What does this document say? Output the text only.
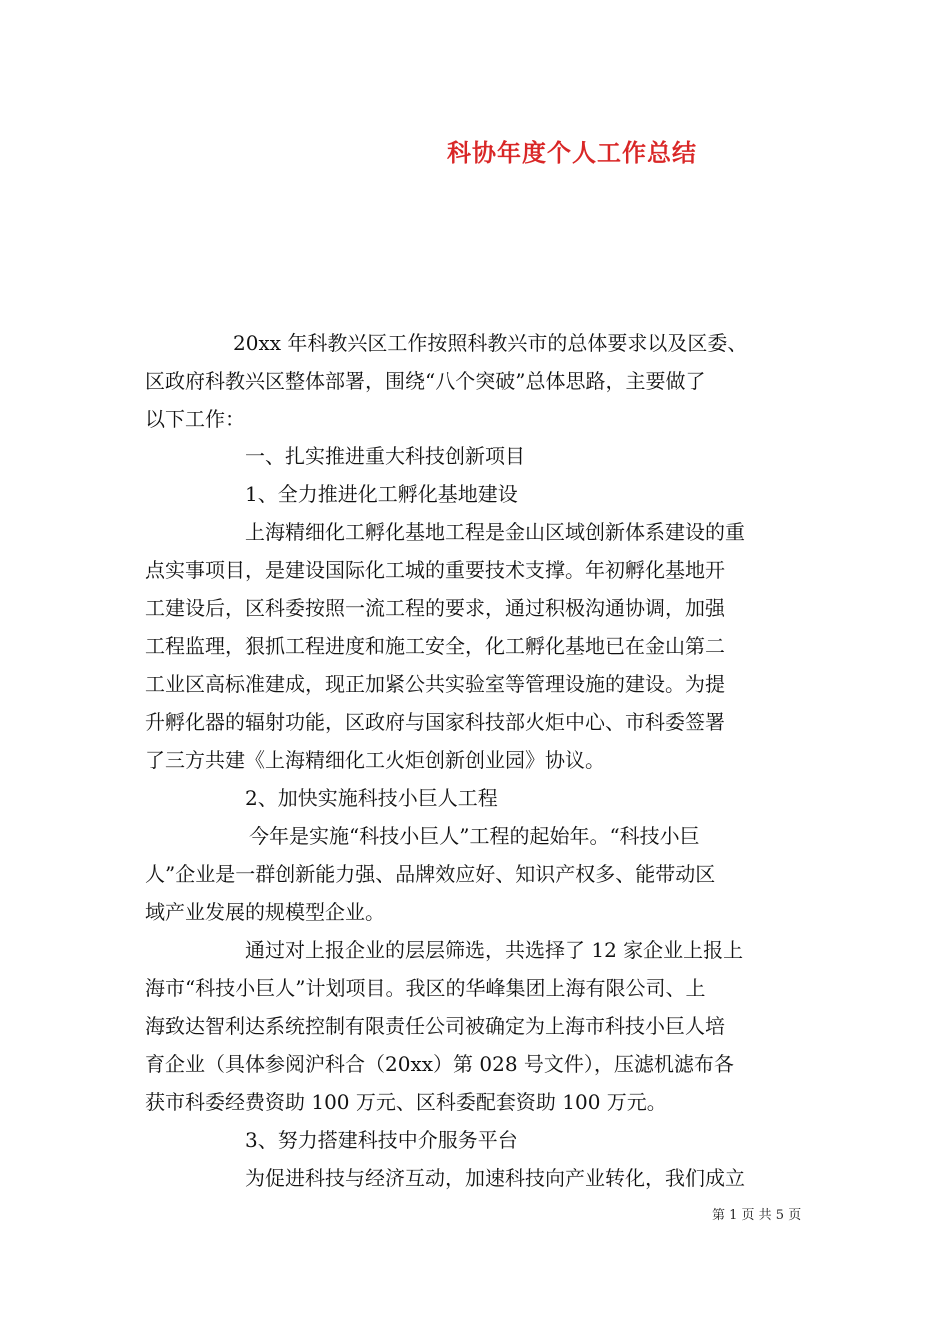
科协年度个人工作总结
20xx 年科教兴区工作按照科教兴市的总体要求以及区委、
区政府科教兴区整体部署，围绕“八个突破”总体思路，主要做了
以下工作：
一、扎实推进重大科技创新项目
1、全力推进化工孵化基地建设
上海精细化工孵化基地工程是金山区域创新体系建设的重
点实事项目，是建设国际化工城的重要技术支撑。年初孵化基地开
工建设后，区科委按照一流工程的要求，通过积极沟通协调，加强
工程监理，狠抓工程进度和施工安全，化工孵化基地已在金山第二
工业区高标准建成，现正加紧公共实验室等管理设施的建设。为提
升孵化器的辐射功能，区政府与国家科技部火炬中心、市科委签署
了三方共建《上海精细化工火炬创新创业园》协议。
2、加快实施科技小巨人工程
今年是实施“科技小巨人”工程的起始年。“科技小巨
人”企业是一群创新能力强、品牌效应好、知识产权多、能带动区
域产业发展的规模型企业。
通过对上报企业的层层筛选，共选择了 12 家企业上报上
海市“科技小巨人”计划项目。我区的华峰集团上海有限公司、上
海致达智利达系统控制有限责任公司被确定为上海市科技小巨人培
育企业（具体参阅沪科合（20xx）第 028 号文件），压滤机滤布各
获市科委经费资助 100 万元、区科委配套资助 100 万元。
3、努力搭建科技中介服务平台
为促进科技与经济互动，加速科技向产业转化，我们成立
第 1 页 共 5 页
